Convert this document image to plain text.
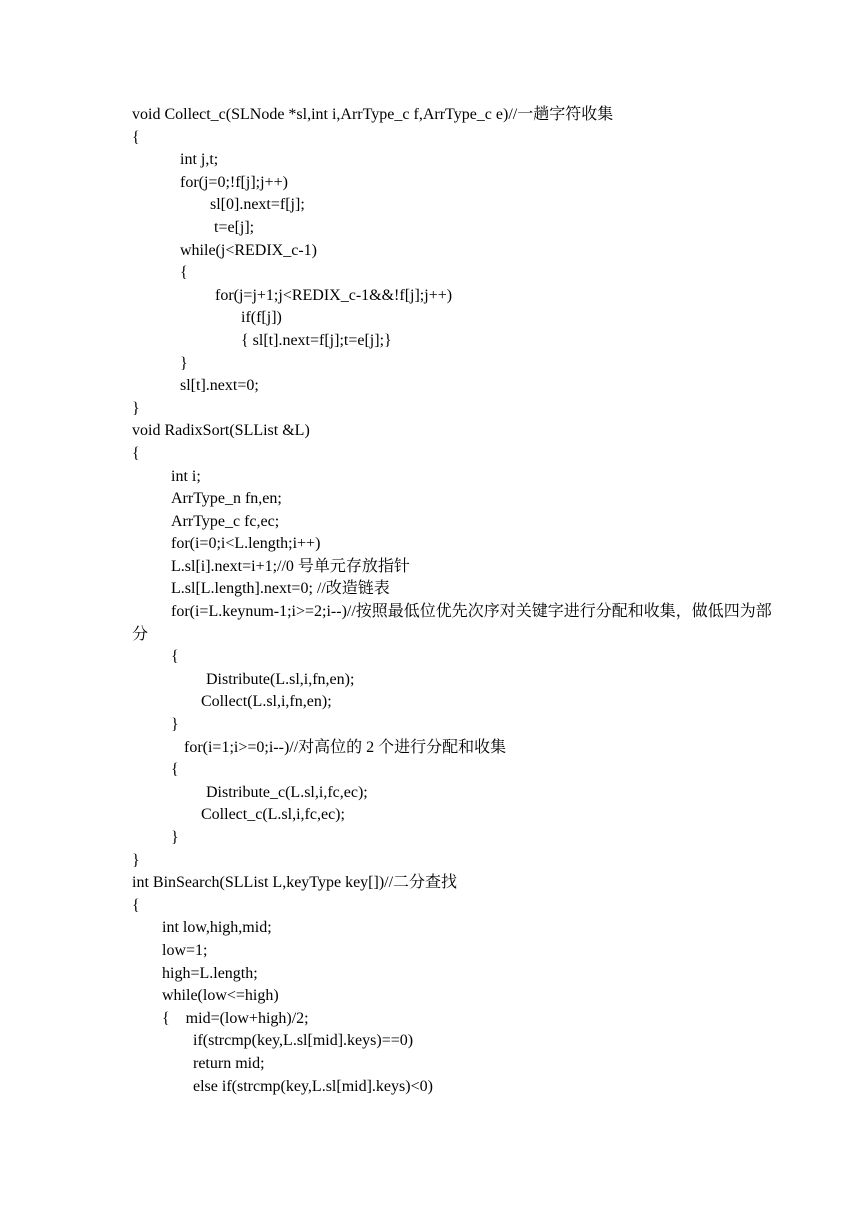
void Collect_c(SLNode *sl,int i,ArrType_c f,ArrType_c e)//一趟字符收集
{
int j,t;
for(j=0;!f[j];j++)
sl[0].next=f[j];
t=e[j];
while(j<REDIX_c-1)
{
for(j=j+1;j<REDIX_c-1&&!f[j];j++)
if(f[j])
{ sl[t].next=f[j];t=e[j];}
}
sl[t].next=0;
}
void RadixSort(SLList &L)
{
int i;
ArrType_n fn,en;
ArrType_c fc,ec;
for(i=0;i<L.length;i++)
L.sl[i].next=i+1;//0 号单元存放指针
L.sl[L.length].next=0; //改造链表
for(i=L.keynum-1;i>=2;i--)//按照最低位优先次序对关键字进行分配和收集，做低四为部分
{
Distribute(L.sl,i,fn,en);
Collect(L.sl,i,fn,en);
}
for(i=1;i>=0;i--)//对高位的 2 个进行分配和收集
{
Distribute_c(L.sl,i,fc,ec);
Collect_c(L.sl,i,fc,ec);
}
}
int BinSearch(SLList L,keyType key[])//二分查找
{
int low,high,mid;
low=1;
high=L.length;
while(low<=high)
{    mid=(low+high)/2;
if(strcmp(key,L.sl[mid].keys)==0)
return mid;
else if(strcmp(key,L.sl[mid].keys)<0)
